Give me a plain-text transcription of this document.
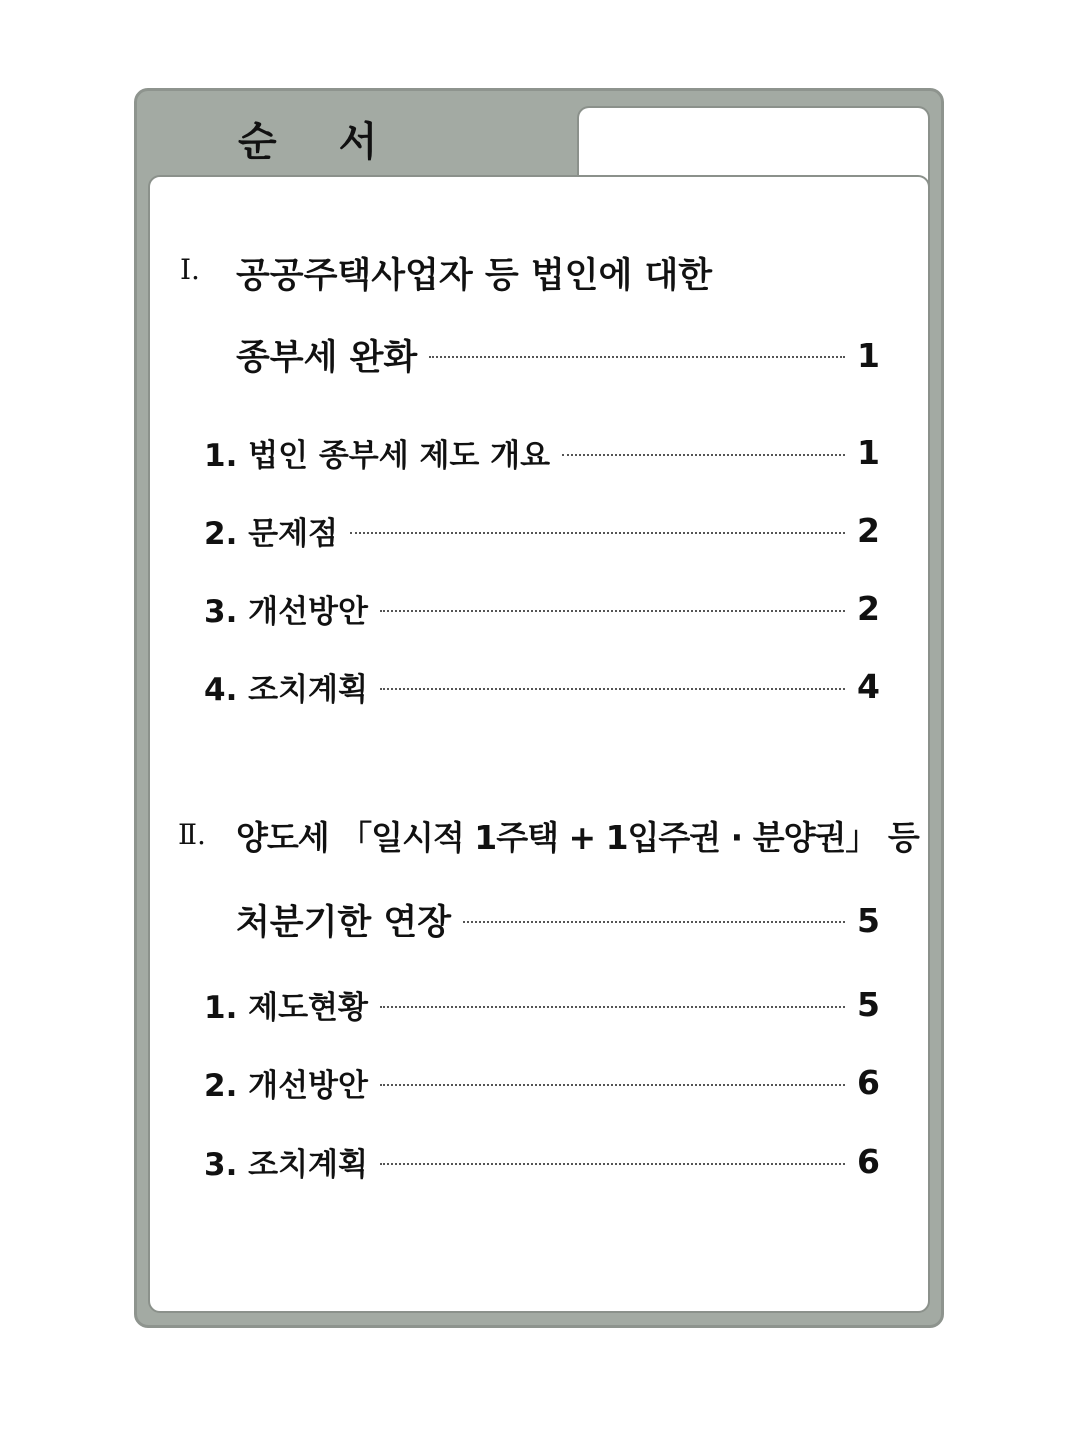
순 서
Ⅰ. 공공주택사업자 등 법인에 대한
종부세 완화	1
1. 법인 종부세 제도 개요	1
2. 문제점	2
3. 개선방안	2
4. 조치계획	4
Ⅱ. 양도세 「일시적 1주택 + 1입주권 · 분양권」 등
처분기한 연장	5
1. 제도현황	5
2. 개선방안	6
3. 조치계획	6
